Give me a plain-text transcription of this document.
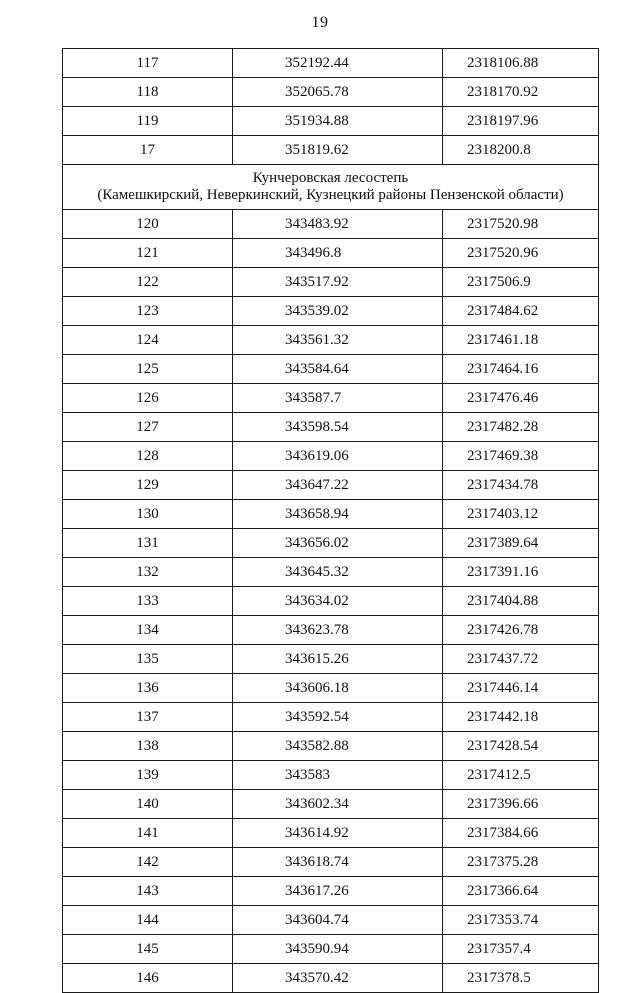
19
117	352192.44	2318106.88
118	352065.78	2318170.92
119	351934.88	2318197.96
17	351819.62	2318200.8

Кунчеровская лесостепь
(Камешкирский, Неверкинский, Кузнецкий районы Пензенской области)		

120	343483.92	2317520.98
121	343496.8	2317520.96
122	343517.92	2317506.9
123	343539.02	2317484.62
124	343561.32	2317461.18
125	343584.64	2317464.16
126	343587.7	2317476.46
127	343598.54	2317482.28
128	343619.06	2317469.38
129	343647.22	2317434.78
130	343658.94	2317403.12
131	343656.02	2317389.64
132	343645.32	2317391.16
133	343634.02	2317404.88
134	343623.78	2317426.78
135	343615.26	2317437.72
136	343606.18	2317446.14
137	343592.54	2317442.18
138	343582.88	2317428.54
139	343583	2317412.5
140	343602.34	2317396.66
141	343614.92	2317384.66
142	343618.74	2317375.28
143	343617.26	2317366.64
144	343604.74	2317353.74
145	343590.94	2317357.4
146	343570.42	2317378.5
